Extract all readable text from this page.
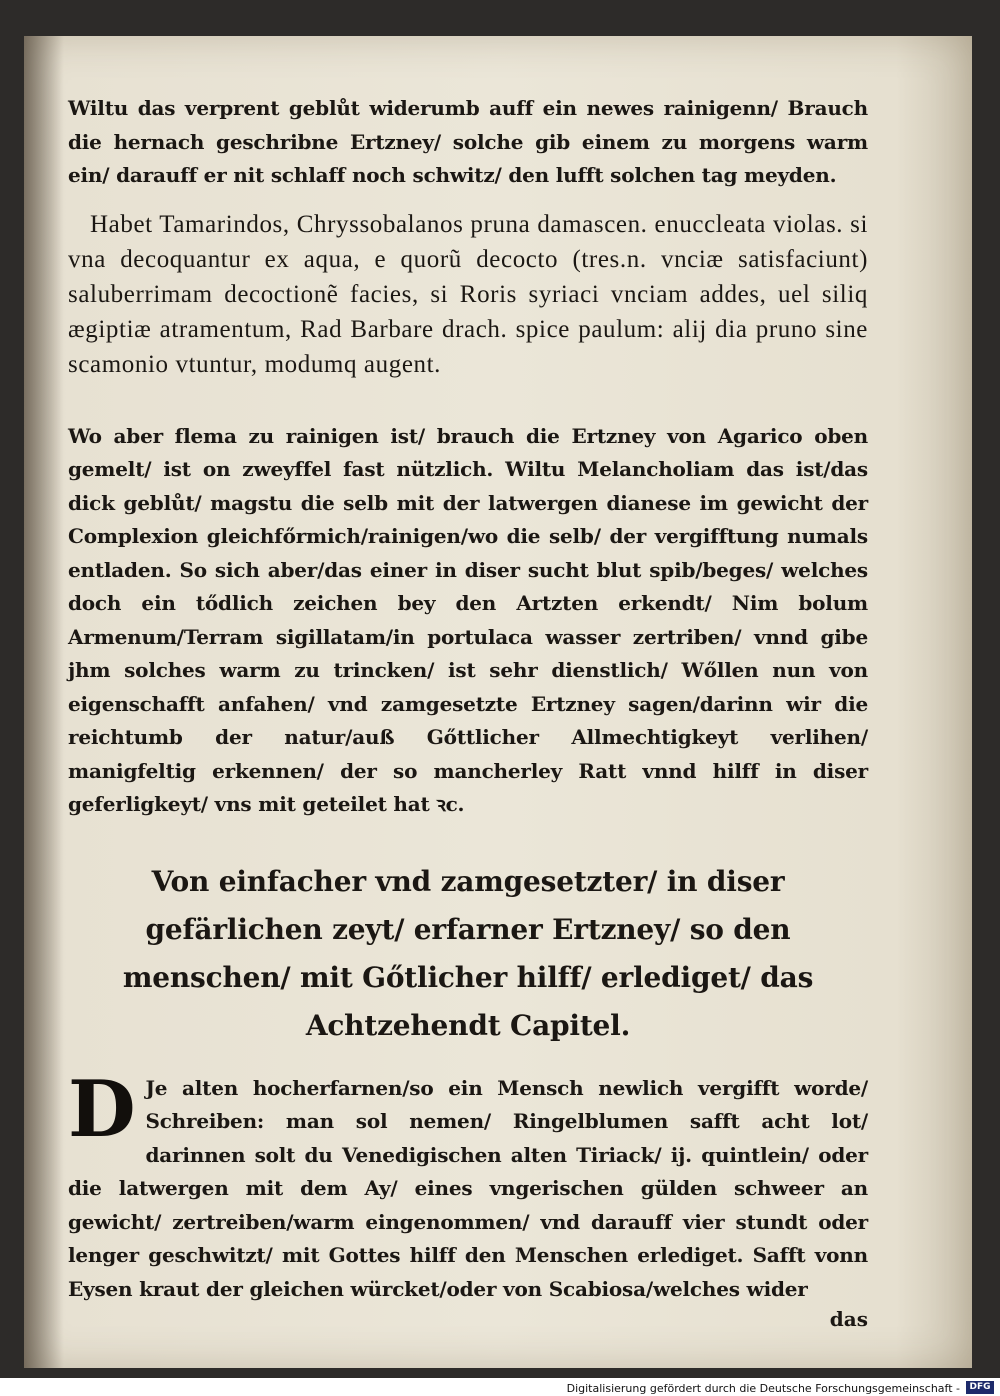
Wiltu das verprent geblůt widerumb auff ein newes rainigenn/ Brauch die hernach geschribne Ertzney/ solche gib einem zu morgens warm ein/ darauff er nit schlaff noch schwitz/ den lufft solchen tag meyden.

Habet Tamarindos, Chryssobalanos pruna damascen. enuccleata violas. si vna decoquantur ex aqua, e quorũ decocto (tres.n. vnciæ satisfaciunt) saluberrimam decoctionẽ facies, si Roris syriaci vnciam addes, uel siliq ægiptiæ atramentum, Rad Barbare drach. spice paulum: alij dia pruno sine scamonio vtuntur, modumq augent.

Wo aber flema zu rainigen ist/ brauch die Ertzney von Agarico oben gemelt/ ist on zweyffel fast nützlich. Wiltu Melancholiam das ist/das dick geblůt/ magstu die selb mit der latwergen dianese im gewicht der Complexion gleichfőrmich/rainigen/wo die selb/ der vergifftung numals entladen. So sich aber/das einer in diser sucht blut spib/beges/ welches doch ein tődlich zeichen bey den Artzten erkendt/ Nim bolum Armenum/Terram sigillatam/in portulaca wasser zertriben/ vnnd gibe jhm solches warm zu trincken/ ist sehr dienstlich/ Wőllen nun von eigenschafft anfahen/ vnd zamgesetzte Ertzney sagen/darinn wir die reichtumb der natur/auß Gőttlicher Allmechtigkeyt verlihen/ manigfeltig erkennen/ der so mancherley Ratt vnnd hilff in diser geferligkeyt/ vns mit geteilet hat ꝛc.

Von einfacher vnd zamgesetzter/ in diser gefärlichen zeyt/ erfarner Ertzney/ so den menschen/ mit Gőtlicher hilff/ erlediget/ das Achtzehendt Capitel.

D Je alten hocherfarnen/so ein Mensch newlich vergifft worde/ Schreiben: man sol nemen/ Ringelblumen safft acht lot/ darinnen solt du Venedigischen alten Tiriack/ ij. quintlein/ oder die latwergen mit dem Ay/ eines vngerischen gülden schweer an gewicht/ zertreiben/warm eingenommen/ vnd darauff vier stundt oder lenger geschwitzt/ mit Gottes hilff den Menschen erlediget. Safft vonn Eysen kraut der gleichen würcket/oder von Scabiosa/welches wider

das
Digitalisierung gefördert durch die Deutsche Forschungsgemeinschaft -	DFG
